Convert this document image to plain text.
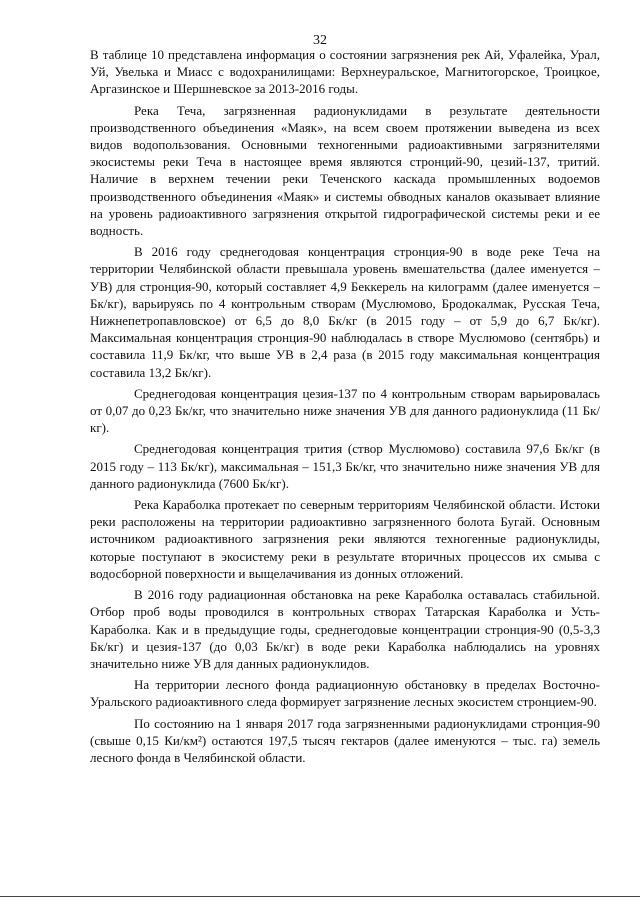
32

В таблице 10 представлена информация о состоянии загрязнения рек Ай, Уфалейка, Урал, Уй, Увелька и Миасс с водохранилищами: Верхнеуральское, Магнитогорское, Троицкое, Аргазинское и Шершневское за 2013-2016 годы.

Река Теча, загрязненная радионуклидами в результате деятельности производственного объединения «Маяк», на всем своем протяжении выведена из всех видов водопользования. Основными техногенными радиоактивными загрязнителями экосистемы реки Теча в настоящее время являются стронций-90, цезий-137, тритий. Наличие в верхнем течении реки Теченского каскада промышленных водоемов производственного объединения «Маяк» и системы обводных каналов оказывает влияние на уровень радиоактивного загрязнения открытой гидрографической системы реки и ее водность.

В 2016 году среднегодовая концентрация стронция-90 в воде реке Теча на территории Челябинской области превышала уровень вмешательства (далее именуется – УВ) для стронция-90, который составляет 4,9 Беккерель на килограмм (далее именуется – Бк/кг), варьируясь по 4 контрольным створам (Муслюмово, Бродокалмак, Русская Теча, Нижнепетропавловское) от 6,5 до 8,0 Бк/кг (в 2015 году – от 5,9 до 6,7 Бк/кг). Максимальная концентрация стронция-90 наблюдалась в створе Муслюмово (сентябрь) и составила 11,9 Бк/кг, что выше УВ в 2,4 раза (в 2015 году максимальная концентрация составила 13,2 Бк/кг).

Среднегодовая концентрация цезия-137 по 4 контрольным створам варьировалась от 0,07 до 0,23 Бк/кг, что значительно ниже значения УВ для данного радионуклида (11 Бк/кг).

Среднегодовая концентрация трития (створ Муслюмово) составила 97,6 Бк/кг (в 2015 году – 113 Бк/кг), максимальная – 151,3 Бк/кг, что значительно ниже значения УВ для данного радионуклида (7600 Бк/кг).

Река Караболка протекает по северным территориям Челябинской области. Истоки реки расположены на территории радиоактивно загрязненного болота Бугай. Основным источником радиоактивного загрязнения реки являются техногенные радионуклиды, которые поступают в экосистему реки в результате вторичных процессов их смыва с водосборной поверхности и выщелачивания из донных отложений.

В 2016 году радиационная обстановка на реке Караболка оставалась стабильной. Отбор проб воды проводился в контрольных створах Татарская Караболка и Усть-Караболка. Как и в предыдущие годы, среднегодовые концентрации стронция-90 (0,5-3,3 Бк/кг) и цезия-137 (до 0,03 Бк/кг) в воде реки Караболка наблюдались на уровнях значительно ниже УВ для данных радионуклидов.

На территории лесного фонда радиационную обстановку в пределах Восточно-Уральского радиоактивного следа формирует загрязнение лесных экосистем стронцием-90.

По состоянию на 1 января 2017 года загрязненными радионуклидами стронция-90 (свыше 0,15 Ки/км²) остаются 197,5 тысяч гектаров (далее именуются – тыс. га) земель лесного фонда в Челябинской области.
